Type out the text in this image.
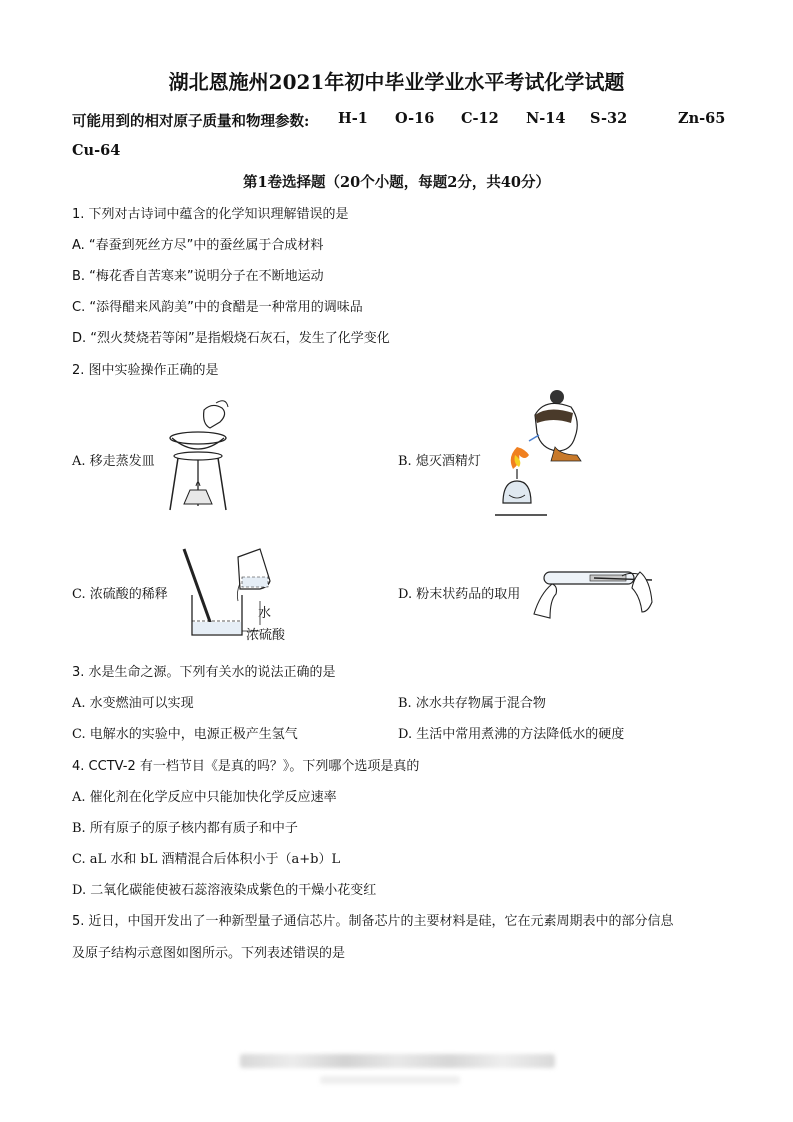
湖北恩施州2021年初中毕业学业水平考试化学试题
可能用到的相对原子质量和物理参数: H-1 O-16 C-12 N-14 S-32	Zn-65
Cu-64
第1卷选择题（20个小题，每题2分，共40分）
1. 下列对古诗词中蕴含的化学知识理解错误的是
A. “春蚕到死丝方尽”中的蚕丝属于合成材料
B. “梅花香自苦寒来”说明分子在不断地运动
C. “添得醋来风韵美”中的食醋是一种常用的调味品
D. “烈火焚烧若等闲”是指煅烧石灰石，发生了化学变化
2. 图中实验操作正确的是
A. 移走蒸发皿	B. 熄灭酒精灯
C. 浓硫酸的稀释	D. 粉末状药品的取用
水
浓硫酸
3. 水是生命之源。下列有关水的说法正确的是
A. 水变燃油可以实现	B. 冰水共存物属于混合物
C. 电解水的实验中，电源正极产生氢气	D. 生活中常用煮沸的方法降低水的硬度
4. CCTV-2 有一档节目《是真的吗？》。下列哪个选项是真的
A. 催化剂在化学反应中只能加快化学反应速率
B. 所有原子的原子核内都有质子和中子
C. aL 水和 bL 酒精混合后体积小于（a+b）L
D. 二氧化碳能使被石蕊溶液染成紫色的干燥小花变红
5. 近日，中国开发出了一种新型量子通信芯片。制备芯片的主要材料是硅，它在元素周期表中的部分信息
及原子结构示意图如图所示。下列表述错误的是
